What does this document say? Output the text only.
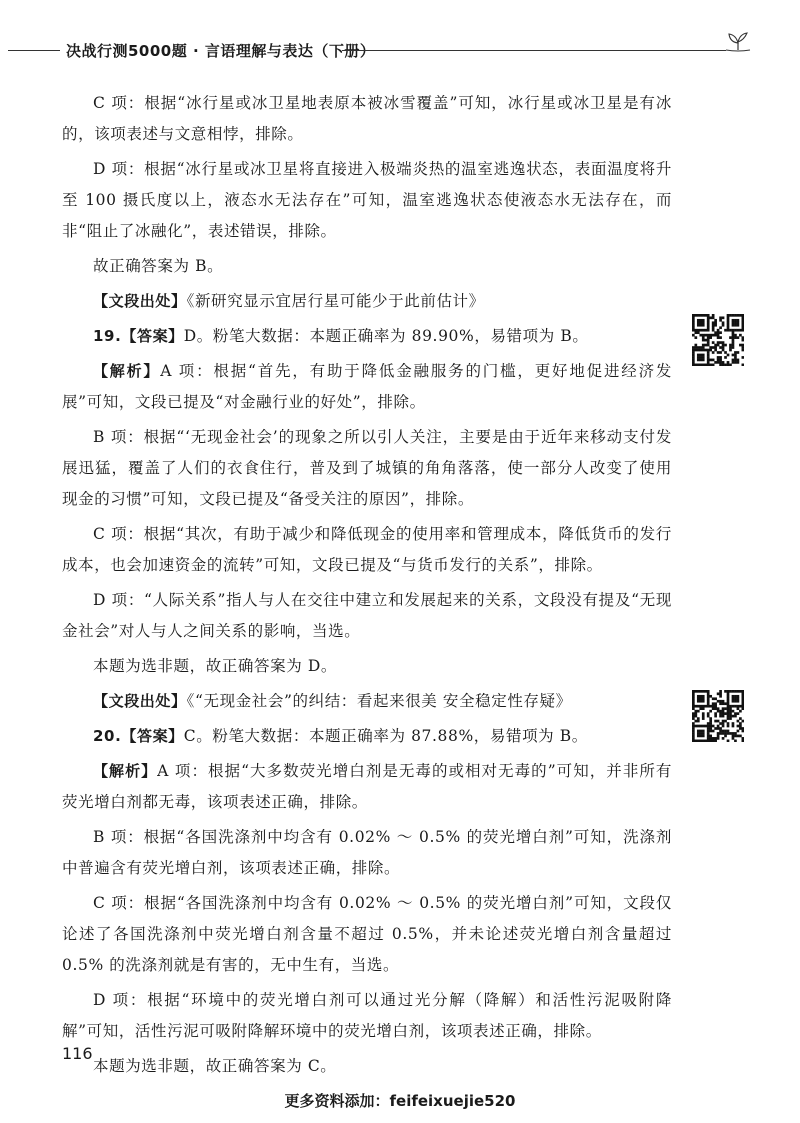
决战行测5000题 · 言语理解与表达（下册）

C 项：根据“冰行星或冰卫星地表原本被冰雪覆盖”可知，冰行星或冰卫星是有冰的，该项表述与文意相悖，排除。

D 项：根据“冰行星或冰卫星将直接进入极端炎热的温室逃逸状态，表面温度将升至 100 摄氏度以上，液态水无法存在”可知，温室逃逸状态使液态水无法存在，而非“阻止了冰融化”，表述错误，排除。

故正确答案为 B。

【文段出处】《新研究显示宜居行星可能少于此前估计》

19.【答案】D。粉笔大数据：本题正确率为 89.90%，易错项为 B。

【解析】A 项：根据“首先，有助于降低金融服务的门槛，更好地促进经济发展”可知，文段已提及“对金融行业的好处”，排除。

B 项：根据“‘无现金社会’的现象之所以引人关注，主要是由于近年来移动支付发展迅猛，覆盖了人们的衣食住行，普及到了城镇的角角落落，使一部分人改变了使用现金的习惯”可知，文段已提及“备受关注的原因”，排除。

C 项：根据“其次，有助于减少和降低现金的使用率和管理成本，降低货币的发行成本，也会加速资金的流转”可知，文段已提及“与货币发行的关系”，排除。

D 项：“人际关系”指人与人在交往中建立和发展起来的关系，文段没有提及“无现金社会”对人与人之间关系的影响，当选。

本题为选非题，故正确答案为 D。

【文段出处】《“无现金社会”的纠结：看起来很美 安全稳定性存疑》

20.【答案】C。粉笔大数据：本题正确率为 87.88%，易错项为 B。

【解析】A 项：根据“大多数荧光增白剂是无毒的或相对无毒的”可知，并非所有荧光增白剂都无毒，该项表述正确，排除。

B 项：根据“各国洗涤剂中均含有 0.02% ～ 0.5% 的荧光增白剂”可知，洗涤剂中普遍含有荧光增白剂，该项表述正确，排除。

C 项：根据“各国洗涤剂中均含有 0.02% ～ 0.5% 的荧光增白剂”可知，文段仅论述了各国洗涤剂中荧光增白剂含量不超过 0.5%，并未论述荧光增白剂含量超过 0.5% 的洗涤剂就是有害的，无中生有，当选。

D 项：根据“环境中的荧光增白剂可以通过光分解（降解）和活性污泥吸附降解”可知，活性污泥可吸附降解环境中的荧光增白剂，该项表述正确，排除。

本题为选非题，故正确答案为 C。

116
更多资料添加：feifeixuejie520
